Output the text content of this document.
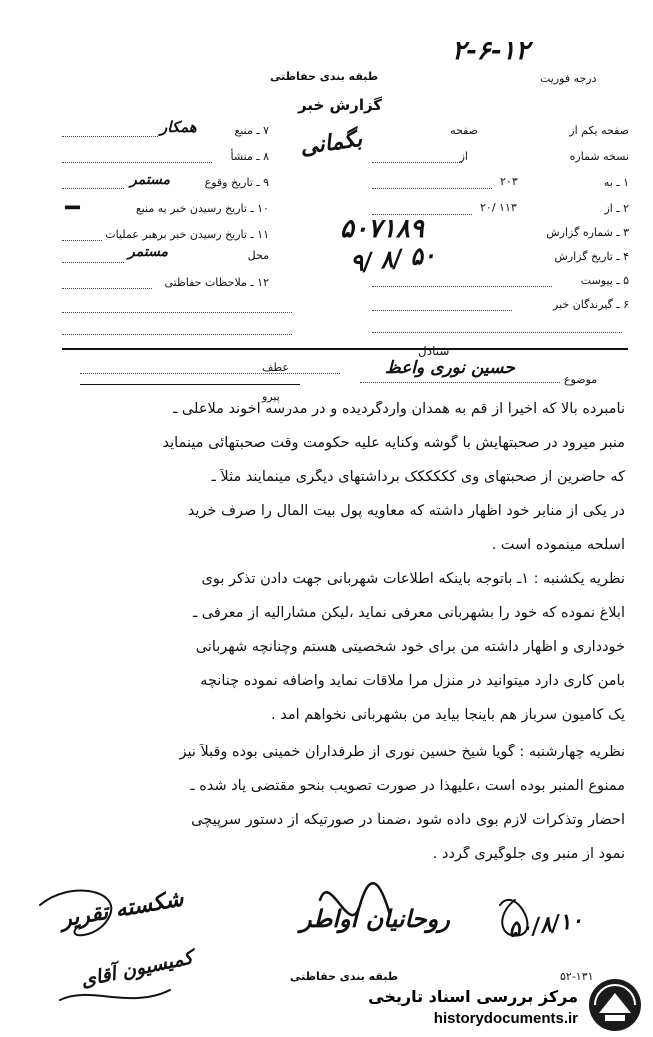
۲-۶-۱۲
درجه فوریت
طبقه بندی حفاظتی
گزارش خبر
بگمانی
۷ ـ منبع
همکار
۸ ـ منشأ
۹ ـ تاریخ وقوع
مستمر
۱۰ ـ تاریخ رسیدن خبر به منبع
▬▬
۱۱ ـ تاریخ رسیدن خبر برهبر عملیات
محل
مستمر
۱۲ ـ ملاحظات حفاظتی
صفحه یکم از
صفحه
نسخه شماره
از
۱ ـ به
۲۰۳
۲ ـ از
۲۰/ ۱۱۳
۳ ـ شماره گزارش
۵۰۷۱۸۹
۴ ـ تاریخ گزارش
۹/ ۸/ ۵۰
۵ ـ پیوست
۶ ـ گیرندگان خبر
شنادل
موضوع
حسین نوری واعظ
عطف
پیرو
نامبرده بالا که اخیراً از قم به همدان واردگردیده و در مدرسه آخوند ملاعلی ـ
منبر میرود در صحبتهایش با گوشه وکنایه علیه حکومت وقت صحبتهائی مینماید
که حاضرین از صحبتهای وی کککککک برداشتهای دیگری مینمایند مثلاً ـ
در یکی از منابر خود اظهار داشته که معاویه پول بیت المال را صرف خرید
اسلحه مینموده است .
نظریه یکشنبه : ۱ـ باتوجه باینکه اطلاعات شهربانی جهت دادن تذکر بوی
ابلاغ نموده که خود را بشهربانی معرفی نماید ،لیکن مشارالیه از معرفی ـ
خودداری و اظهار داشته من برای خود شخصیتی هستم وچنانچه شهربانی
بامن کاری دارد میتوانید در منزل مرا ملاقات نماید واضافه نموده چنانچه
یک کامیون سرباز هم باینجا بیاید من بشهربانی نخواهم آمد .
نظریه چهارشنبه : گویا شیخ حسین نوری از طرفداران خمینی بوده وقبلاً نیز
ممنوع المنبر بوده است ،علیهذا در صورت تصویب بنحو مقتضی یاد شده ـ
احضار وتذکرات لازم بوی داده شود ،ضمناً در صورتیکه از دستور سرپیچی
نمود از منبر وی جلوگیری گردد .
شکسته تقریر
کمیسیون آقای
روحانیان اواطر
طبقه بندی حفاظتی
۵۰/۸/۱۰
۵۲-۱۳۱
مرکز بررسی اسناد تاریخی
historydocuments.ir
